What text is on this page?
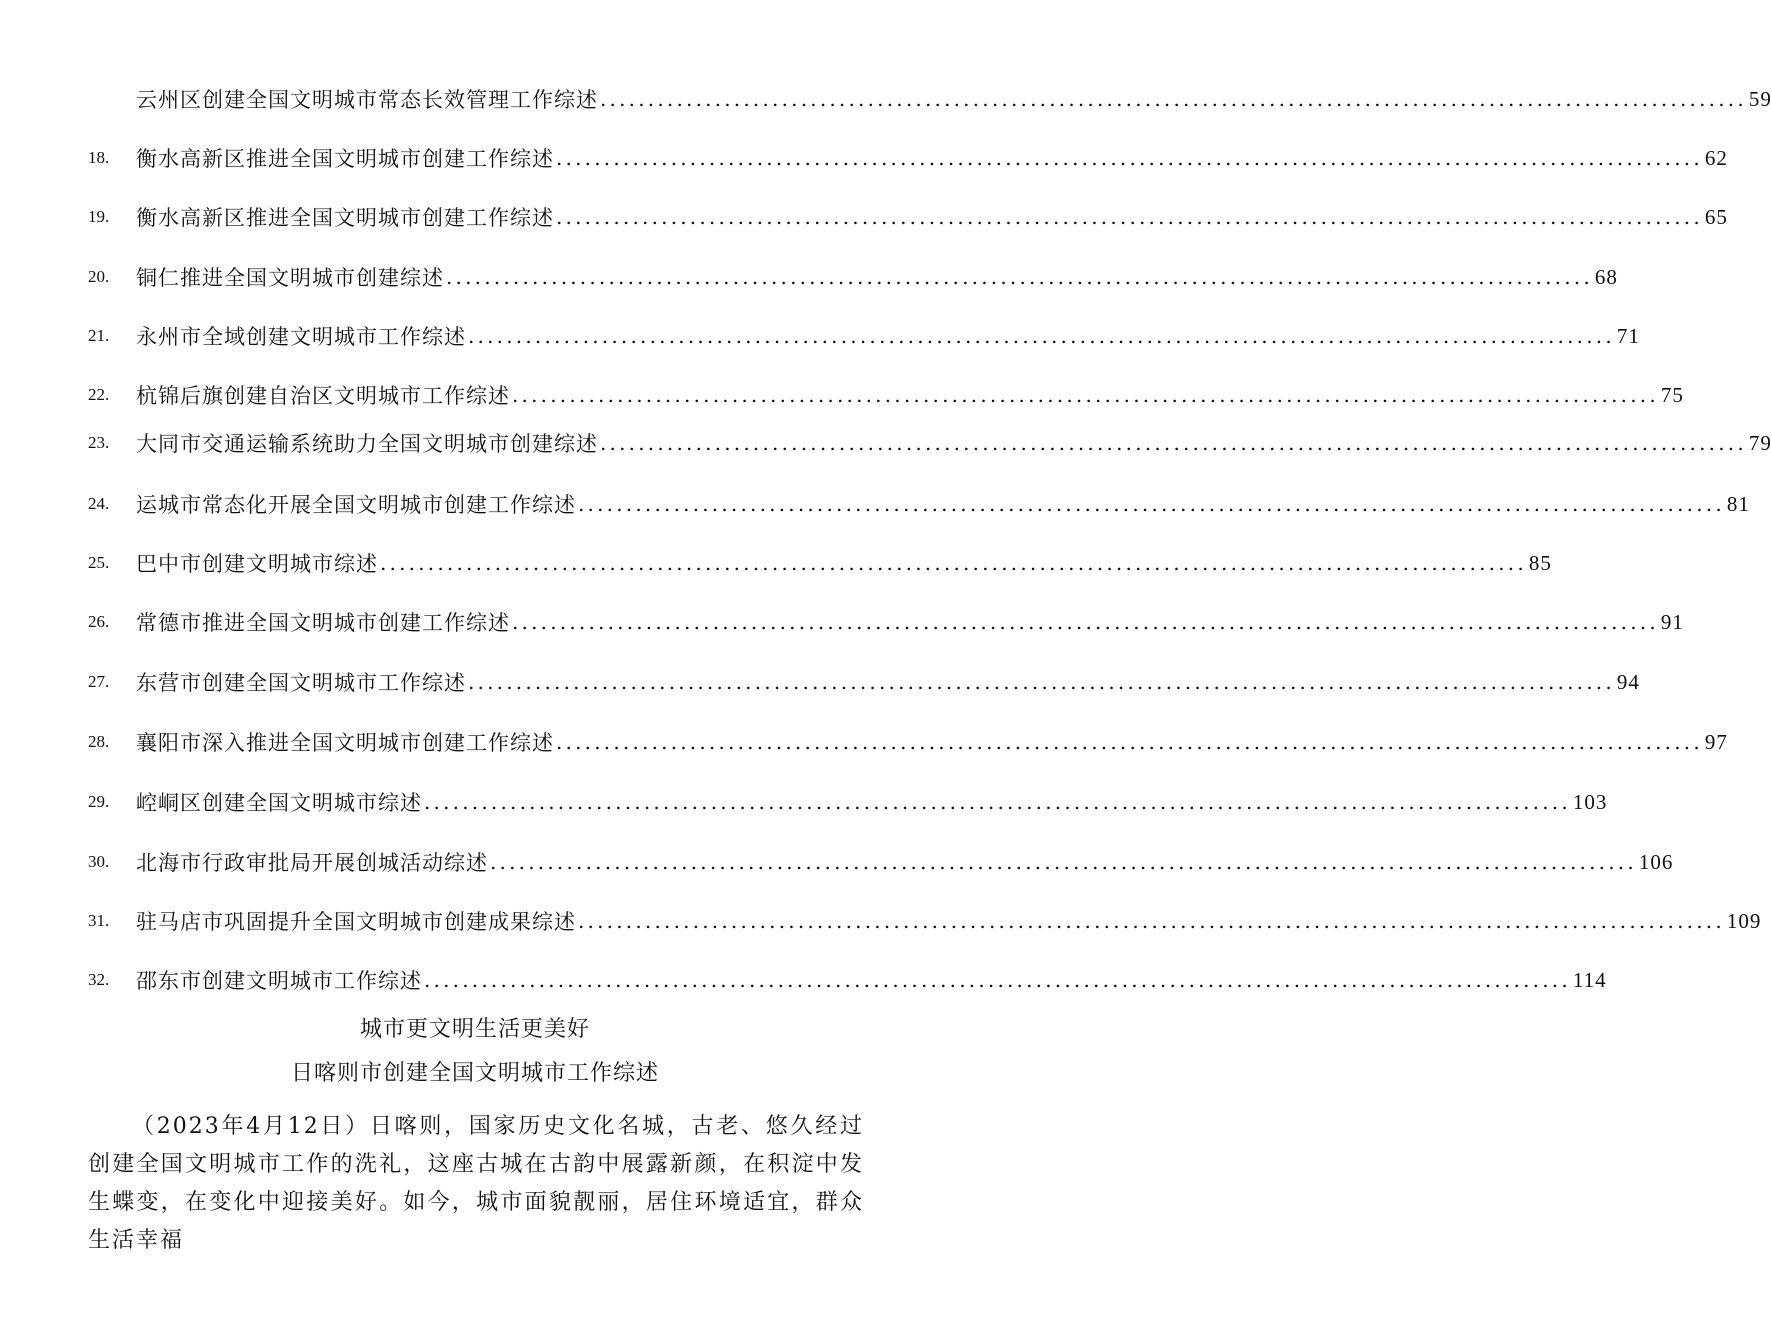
云州区创建全国文明城市常态长效管理工作综述 ........................................................................................................................ 59
18.	衡水高新区推进全国文明城市创建工作综述 ........................................................................................................................ 62
19.	衡水高新区推进全国文明城市创建工作综述 ........................................................................................................................ 65
20.	铜仁推进全国文明城市创建综述 ........................................................................................................................ 68
21.	永州市全域创建文明城市工作综述 ........................................................................................................................ 71
22.	杭锦后旗创建自治区文明城市工作综述 ........................................................................................................................ 75
23.	大同市交通运输系统助力全国文明城市创建综述 ........................................................................................................................ 79
24.	运城市常态化开展全国文明城市创建工作综述 ........................................................................................................................ 81
25.	巴中市创建文明城市综述 ........................................................................................................................ 85
26.	常德市推进全国文明城市创建工作综述 ........................................................................................................................ 91
27.	东营市创建全国文明城市工作综述 ........................................................................................................................ 94
28.	襄阳市深入推进全国文明城市创建工作综述 ........................................................................................................................ 97
29.	崆峒区创建全国文明城市综述 ........................................................................................................................ 103
30.	北海市行政审批局开展创城活动综述 ........................................................................................................................ 106
31.	驻马店市巩固提升全国文明城市创建成果综述 ........................................................................................................................ 109
32.	邵东市创建文明城市工作综述 ........................................................................................................................ 114
城市更文明生活更美好
日喀则市创建全国文明城市工作综述
（2023年4月12日）日喀则，国家历史文化名城，古老、悠久经过创建全国文明城市工作的洗礼，这座古城在古韵中展露新颜，在积淀中发生蝶变，在变化中迎接美好。如今，城市面貌靓丽，居住环境适宜，群众生活幸福
